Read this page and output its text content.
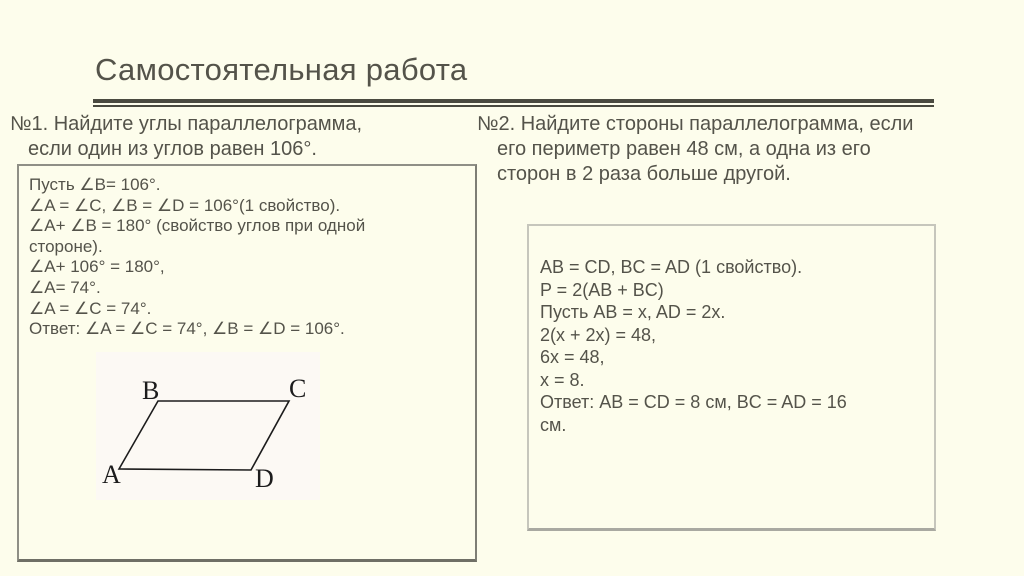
Самостоятельная работа
№1. Найдите углы параллелограмма,
если один из углов равен 106°.
№2. Найдите стороны параллелограмма, если
его периметр равен 48 см, а одна из его
сторон в 2 раза больше другой.
Пусть ∠B= 106°.
∠A = ∠C, ∠B = ∠D = 106°(1 свойство).
∠A+ ∠B = 180° (свойство углов при одной
стороне).
∠A+ 106° = 180°,
∠A= 74°.
∠A = ∠C = 74°.
Ответ: ∠A = ∠C = 74°, ∠B = ∠D = 106°.
B	C
A	D
AB = CD, BC = AD (1 свойство).
P = 2(AB + BC)
Пусть AB = x, AD = 2x.
2(x + 2x) = 48,
6x = 48,
x = 8.
Ответ: AB = CD = 8 см, BC = AD = 16
см.
